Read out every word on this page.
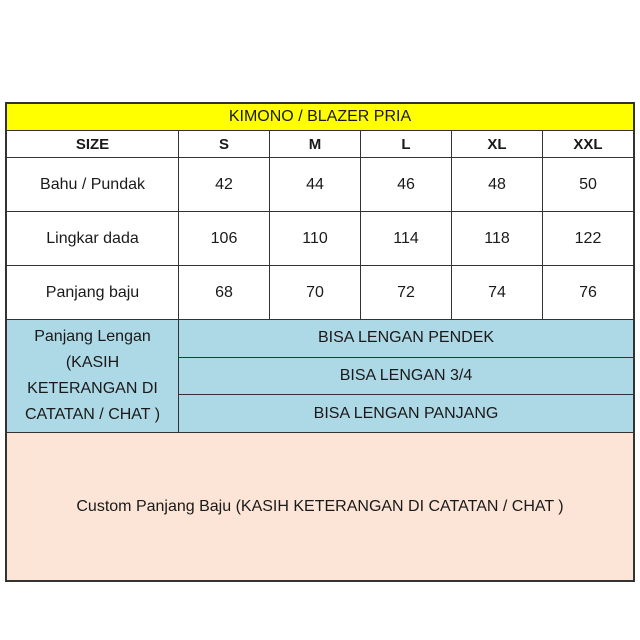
KIMONO / BLAZER PRIA					
SIZE	S	M	L	XL	XXL
Bahu / Pundak	42	44	46	48	50
Lingkar dada	106	110	114	118	122
Panjang baju	68	70	72	74	76
Panjang Lengan (KASIH KETERANGAN DI CATATAN / CHAT )	BISA LENGAN PENDEK				
	BISA LENGAN 3/4				
	BISA LENGAN PANJANG				
Custom Panjang Baju (KASIH KETERANGAN DI CATATAN / CHAT )					
